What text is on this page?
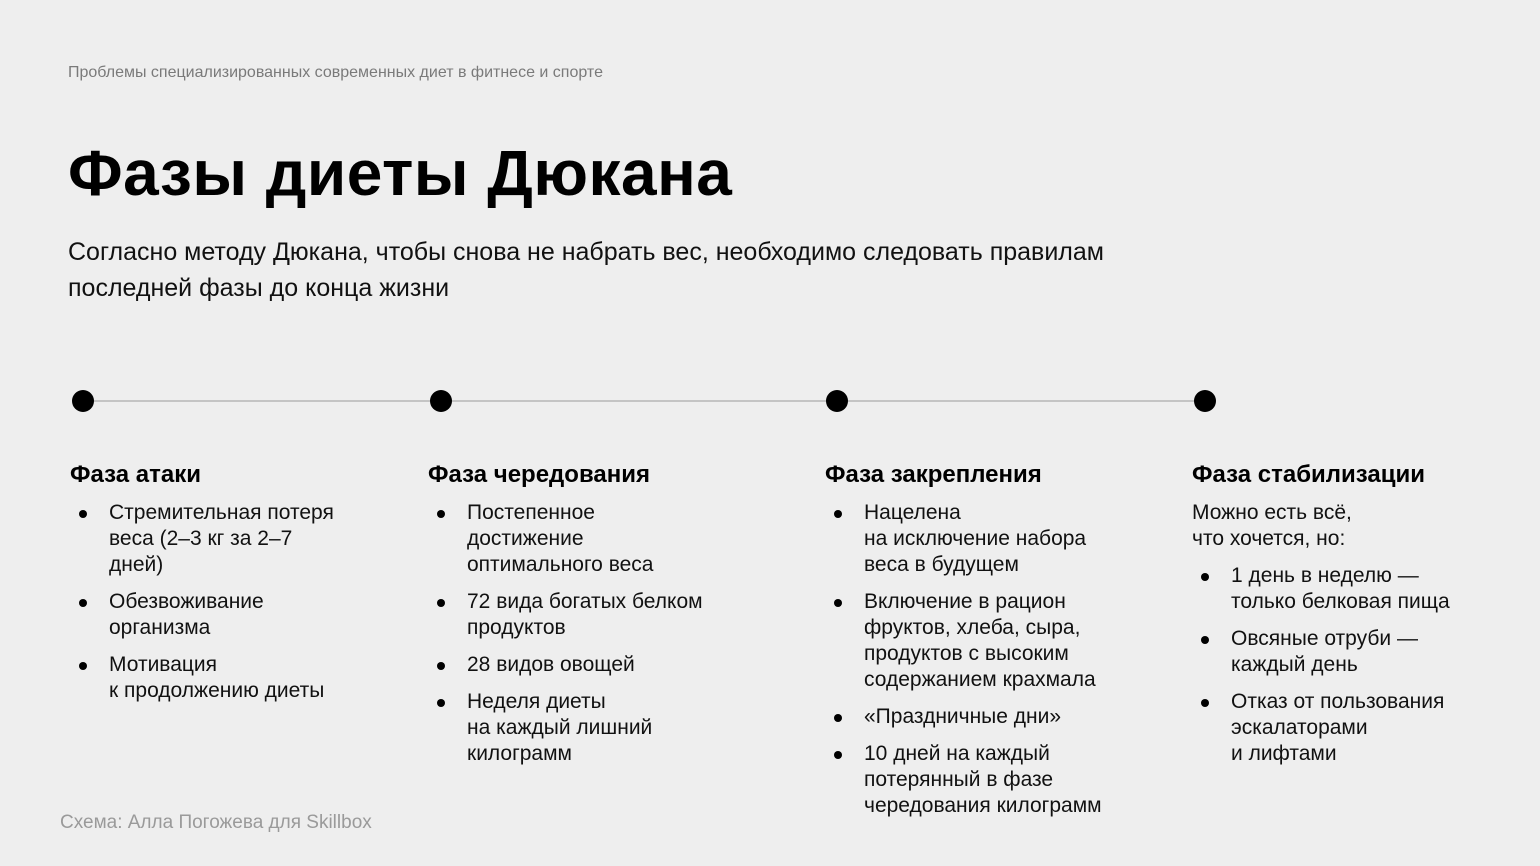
Проблемы специализированных современных диет в фитнесе и спорте
Фазы диеты Дюкана

Согласно методу Дюкана, чтобы снова не набрать вес, необходимо следовать правилам последней фазы до конца жизни

Фаза атаки
Стремительная потеря
веса (2–3 кг за 2–7
дней)
Обезвоживание
организма
Мотивация
к продолжению диеты
Фаза чередования
Постепенное
достижение
оптимального веса
72 вида богатых белком
продуктов
28 видов овощей
Неделя диеты
на каждый лишний
килограмм
Фаза закрепления
Нацелена
на исключение набора
веса в будущем
Включение в рацион
фруктов, хлеба, сыра,
продуктов с высоким
содержанием крахмала
«Праздничные дни»
10 дней на каждый
потерянный в фазе
чередования килограмм
Фаза стабилизации
Можно есть всё,
что хочется, но:
1 день в неделю —
только белковая пища
Овсяные отруби —
каждый день
Отказ от пользования
эскалаторами
и лифтами
Схема: Алла Погожева для Skillbox
